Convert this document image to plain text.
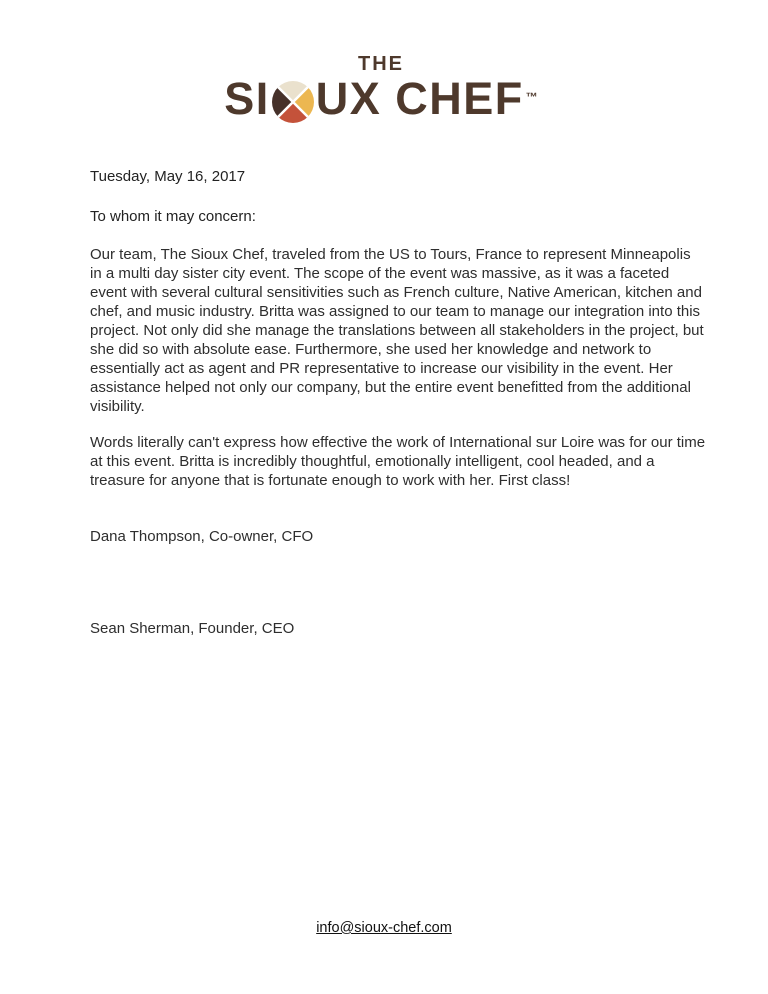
THE
SI UX CHEF ™

Tuesday, May 16, 2017

To whom it may concern:

Our team, The Sioux Chef, traveled from the US to Tours, France to represent Minneapolis in a multi day sister city event. The scope of the event was massive, as it was a faceted event with several cultural sensitivities such as French culture, Native American, kitchen and chef, and music industry. Britta was assigned to our team to manage our integration into this project. Not only did she manage the translations between all stakeholders in the project, but she did so with absolute ease. Furthermore, she used her knowledge and network to essentially act as agent and PR representative to increase our visibility in the event. Her assistance helped not only our company, but the entire event benefitted from the additional visibility.

Words literally can't express how effective the work of International sur Loire was for our time at this event. Britta is incredibly thoughtful, emotionally intelligent, cool headed, and a treasure for anyone that is fortunate enough to work with her. First class!

Dana Thompson, Co-owner, CFO

Sean Sherman, Founder, CEO

info@sioux-chef.com
